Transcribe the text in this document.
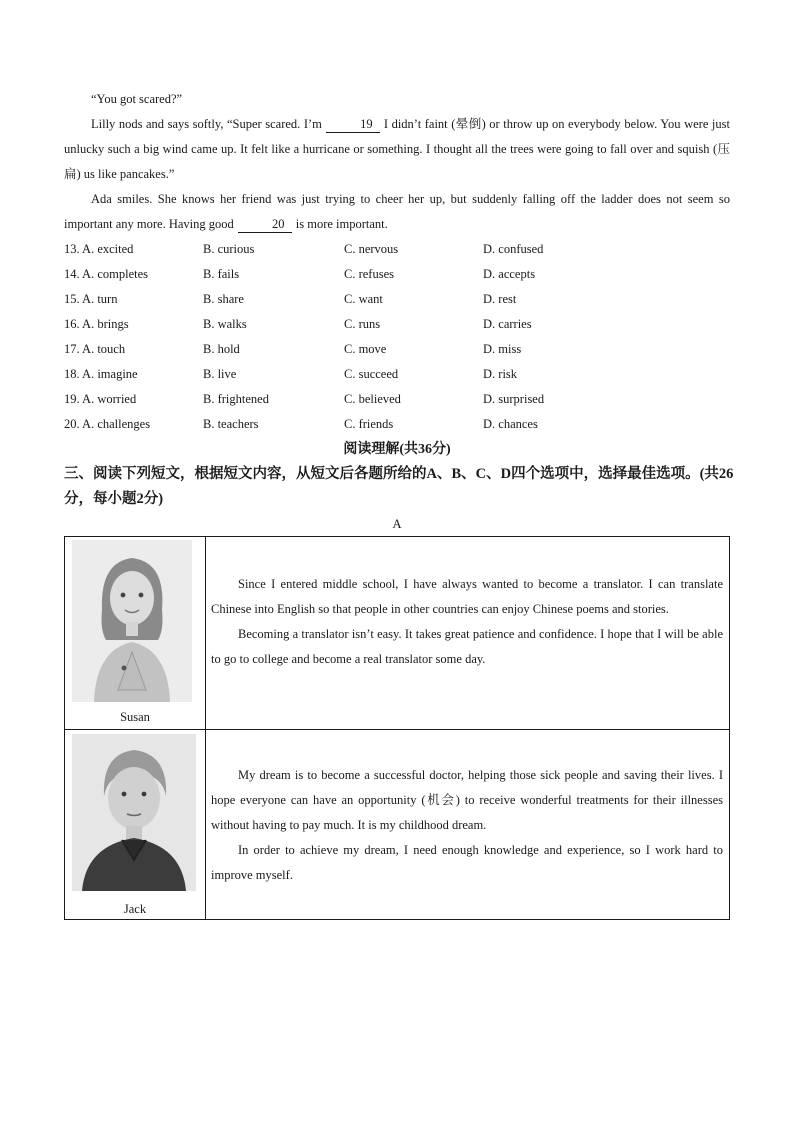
“You got scared?”

Lilly nods and says softly, “Super scared. I’m	19 I didn’t faint (晕倒) or throw up on everybody below. You were just unlucky such a big wind came up. It felt like a hurricane or something. I thought all the trees were going to fall over and squish (压扁) us like pancakes.”

Ada smiles. She knows her friend was just trying to cheer her up, but suddenly falling off the ladder does not seem so important any more. Having good	20 is more important.

13. A. excited	B. curious	C. nervous	D. confused
14. A. completes	B. fails	C. refuses	D. accepts
15. A. turn	B. share	C. want	D. rest
16. A. brings	B. walks	C. runs	D. carries
17. A. touch	B. hold	C. move	D. miss
18. A. imagine	B. live	C. succeed	D. risk
19. A. worried	B. frightened	C. believed	D. surprised
20. A. challenges	B. teachers	C. friends	D. chances
阅读理解(共36分)

三、阅读下列短文，根据短文内容，从短文后各题所给的A、B、C、D四个选项中，选择最佳选项。(共26分，每小题2分)

A
Susan

Since I entered middle school, I have always wanted to become a translator. I can translate Chinese into English so that people in other countries can enjoy Chinese poems and stories.

Becoming a translator isn’t easy. It takes great patience and confidence. I hope that I will be able to go to college and become a real translator some day.

Jack

My dream is to become a successful doctor, helping those sick people and saving their lives. I hope everyone can have an opportunity (机会) to receive wonderful treatments for their illnesses without having to pay much. It is my childhood dream.

In order to achieve my dream, I need enough knowledge and experience, so I work hard to improve myself.
